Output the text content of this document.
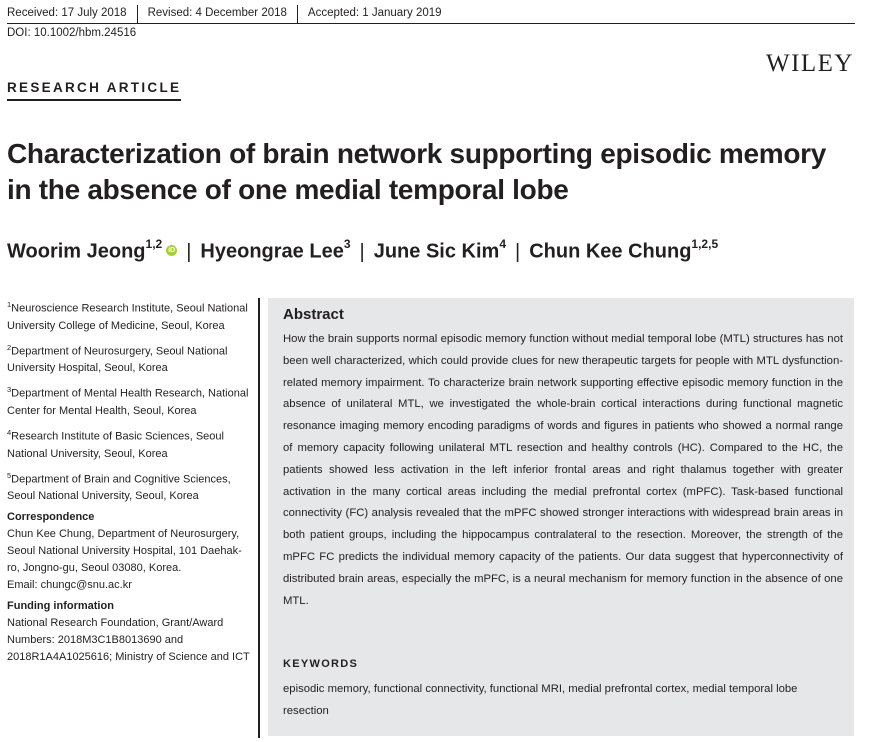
Received: 17 July 2018 Revised: 4 December 2018 Accepted: 1 January 2019
DOI: 10.1002/hbm.24516
WILEY
RESEARCH ARTICLE
Characterization of brain network supporting episodic memory in the absence of one medial temporal lobe
Woorim Jeong$^{1,2}$ iD | Hyeongrae Lee$^3$ | June Sic Kim$^4$ | Chun Kee Chung$^{1,2,5}$

$^1$Neuroscience Research Institute, Seoul National University College of Medicine, Seoul, Korea

$^2$Department of Neurosurgery, Seoul National University Hospital, Seoul, Korea

$^3$Department of Mental Health Research, National Center for Mental Health, Seoul, Korea

$^4$Research Institute of Basic Sciences, Seoul National University, Seoul, Korea

$^5$Department of Brain and Cognitive Sciences, Seoul National University, Seoul, Korea

Correspondence

Chun Kee Chung, Department of Neurosurgery, Seoul National University Hospital, 101 Daehak-ro, Jongno-gu, Seoul 03080, Korea.

Email: chungc@snu.ac.kr

Funding information

National Research Foundation, Grant/Award Numbers: 2018M3C1B8013690 and 2018R1A4A1025616; Ministry of Science and ICT

Abstract

How the brain supports normal episodic memory function without medial temporal lobe (MTL) structures has not been well characterized, which could provide clues for new therapeutic targets for people with MTL dysfunction-related memory impairment. To characterize brain network supporting effective episodic memory function in the absence of unilateral MTL, we investigated the whole-brain cortical interactions during functional magnetic resonance imaging memory encoding paradigms of words and figures in patients who showed a normal range of memory capacity following unilateral MTL resection and healthy controls (HC). Compared to the HC, the patients showed less activation in the left inferior frontal areas and right thalamus together with greater activation in the many cortical areas including the medial prefrontal cortex (mPFC). Task-based functional connectivity (FC) analysis revealed that the mPFC showed stronger interactions with widespread brain areas in both patient groups, including the hippocampus contralateral to the resection. Moreover, the strength of the mPFC FC predicts the individual memory capacity of the patients. Our data suggest that hyperconnectivity of distributed brain areas, especially the mPFC, is a neural mechanism for memory function in the absence of one MTL.

KEYWORDS

episodic memory, functional connectivity, functional MRI, medial prefrontal cortex, medial temporal lobe resection
